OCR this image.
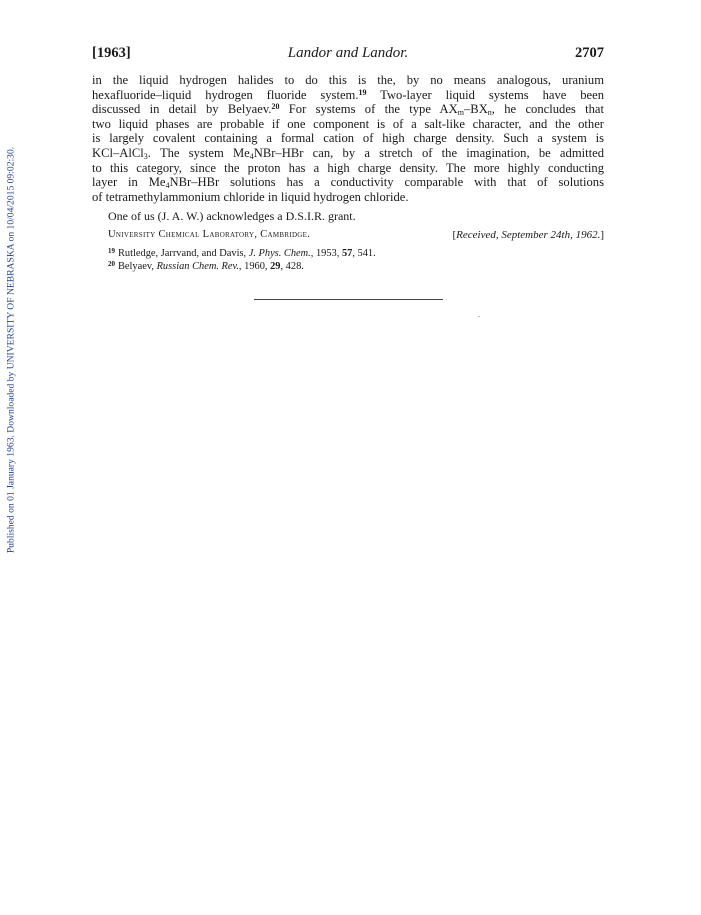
Published on 01 January 1963. Downloaded by UNIVERSITY OF NEBRASKA on 10/04/2015 09:02:30.
[1963]	Landor and Landor.	2707
in the liquid hydrogen halides to do this is the, by no means analogous, uranium
hexafluoride–liquid hydrogen fluoride system.$^{19}$ Two-layer liquid systems have been
discussed in detail by Belyaev.$^{20}$ For systems of the type $AX_m-BX_n$, he concludes that
two liquid phases are probable if one component is of a salt-like character, and the other
is largely covalent containing a formal cation of high charge density. Such a system is
KCl–AlCl$_3$. The system $Me_4NBr$–HBr can, by a stretch of the imagination, be admitted
to this category, since the proton has a high charge density. The more highly conducting
layer in $Me_4NBr$–HBr solutions has a conductivity comparable with that of solutions
of tetramethylammonium chloride in liquid hydrogen chloride.
One of us (J. A. W.) acknowledges a D.S.I.R. grant.
University Chemical Laboratory, Cambridge.	[Received, September 24th, 1962.]
$^{19}$ Rutledge, Jarrvand, and Davis, J. Phys. Chem., 1953, 57, 541.
$^{20}$ Belyaev, Russian Chem. Rev., 1960, 29, 428.
